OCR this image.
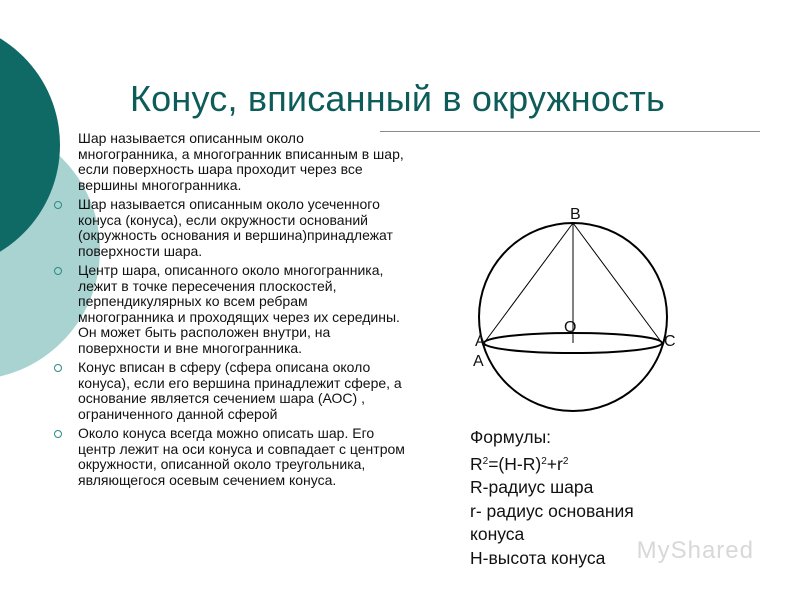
Конус, вписанный в окружность
Шар называется описанным около многогранника, а многогранник вписанным в шар, если поверхность шара проходит через все вершины многогранника.
Шар называется описанным около усеченного конуса (конуса), если окружности оснований (окружность основания и вершина)принадлежат поверхности шара.
Центр шара, описанного около многогранника, лежит в точке пересечения плоскостей, перпендикулярных ко всем ребрам многогранника и проходящих через их середины. Он может быть расположен внутри, на поверхности и вне многогранника.
Конус вписан в сферу (сфера описана около конуса), если его вершина принадлежит сфере, а основание является сечением шара (АОС) , ограниченного данной сферой
Около конуса всегда можно описать шар. Его центр лежит на оси конуса и совпадает с центром окружности, описанной около треугольника, являющегося осевым сечением конуса.
В
О
А
А
С
Формулы:
$R^2=(H-R)^2+r^2$
R-радиус шара
r- радиус основания
конуса
H-высота конуса	MyShared
